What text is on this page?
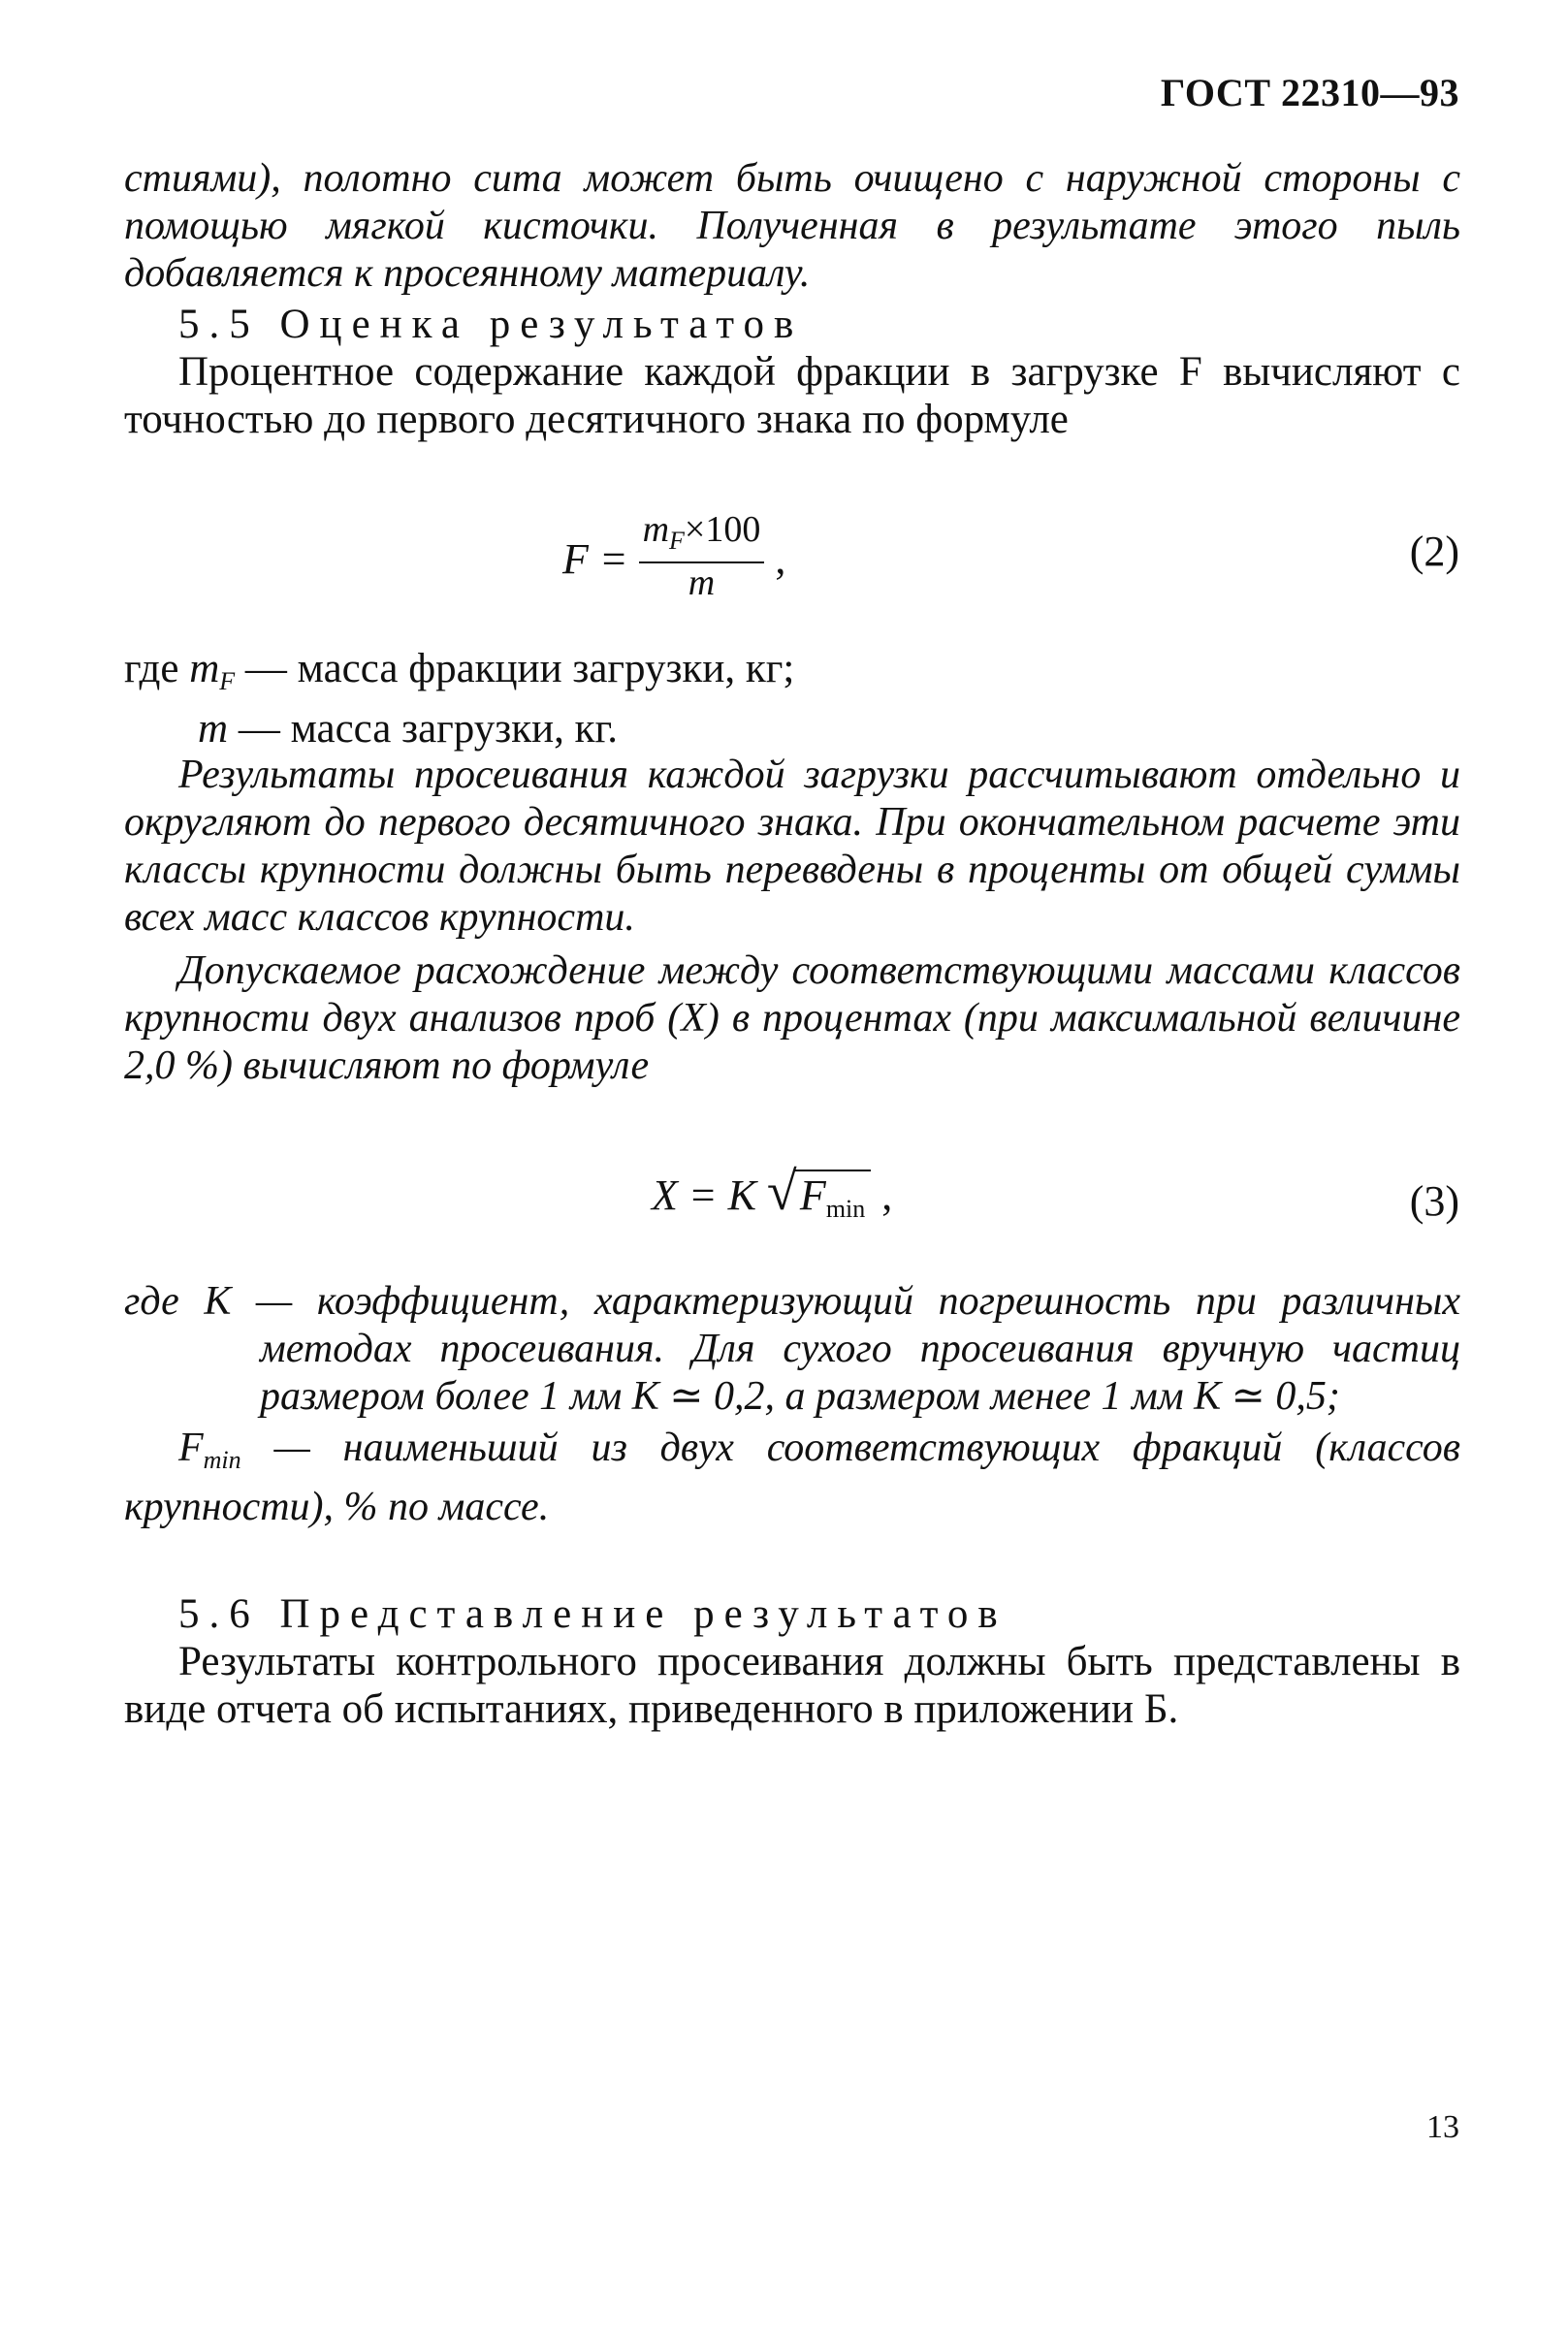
ГОСТ 22310—93

стиями), полотно сита может быть очищено с наружной стороны с помощью мягкой кисточки. Полученная в результате этого пыль добавляется к просеянному материалу.

5.5 Оценка результатов

Процентное содержание каждой фракции в загрузке F вычисляют с точностью до первого десятичного знака по формуле

$F = \frac{m_F\times 100}{m}$ ,	(2)
где $m_F$ — масса фракции загрузки, кг;
m — масса загрузки, кг.

Результаты просеивания каждой загрузки рассчитывают отдельно и округляют до первого десятичного знака. При окончательном расчете эти классы крупности должны быть переввдены в проценты от общей суммы всех масс классов крупности.

Допускаемое расхождение между соответствующими массами классов крупности двух анализов проб (X) в процентах (при максимальной величине 2,0 %) вычисляют по формуле

X = K √ $F_{min}$ ,	(3)

где K — коэффициент, характеризующий погрешность при различных методах просеивания. Для сухого просеивания вручную частиц размером более 1 мм K ≃ 0,2, а размером менее 1 мм K ≃ 0,5;

$F_{min}$ — наименьший из двух соответствующих фракций (классов крупности), % по массе.

5.6 Представление результатов

Результаты контрольного просеивания должны быть представлены в виде отчета об испытаниях, приведенного в приложении Б.

13
